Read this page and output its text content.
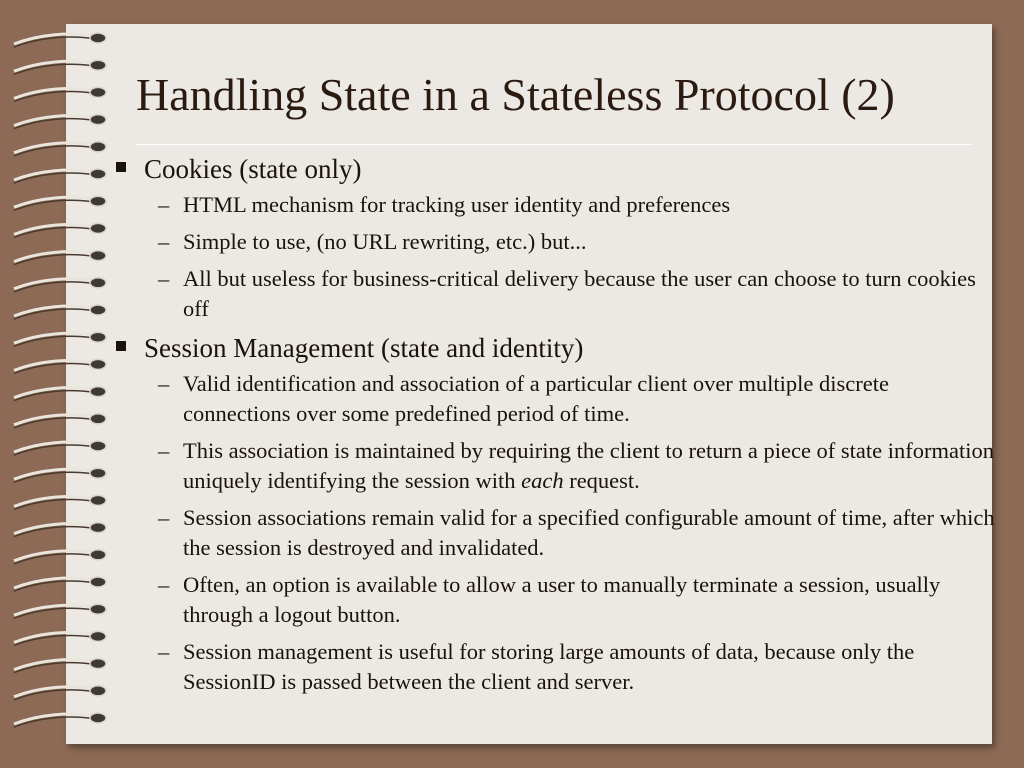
Handling State in a Stateless Protocol (2)
Cookies (state only)
– HTML mechanism for tracking user identity and preferences
– Simple to use, (no URL rewriting, etc.) but...
– All but useless for business-critical delivery because the user can choose to turn cookies off
Session Management (state and identity)
– Valid identification and association of a particular client over multiple discrete connections over some predefined period of time.
– This association is maintained by requiring the client to return a piece of state information uniquely identifying the session with each request.
– Session associations remain valid for a specified configurable amount of time, after which the session is destroyed and invalidated.
– Often, an option is available to allow a user to manually terminate a session, usually through a logout button.
– Session management is useful for storing large amounts of data, because only the SessionID is passed between the client and server.
